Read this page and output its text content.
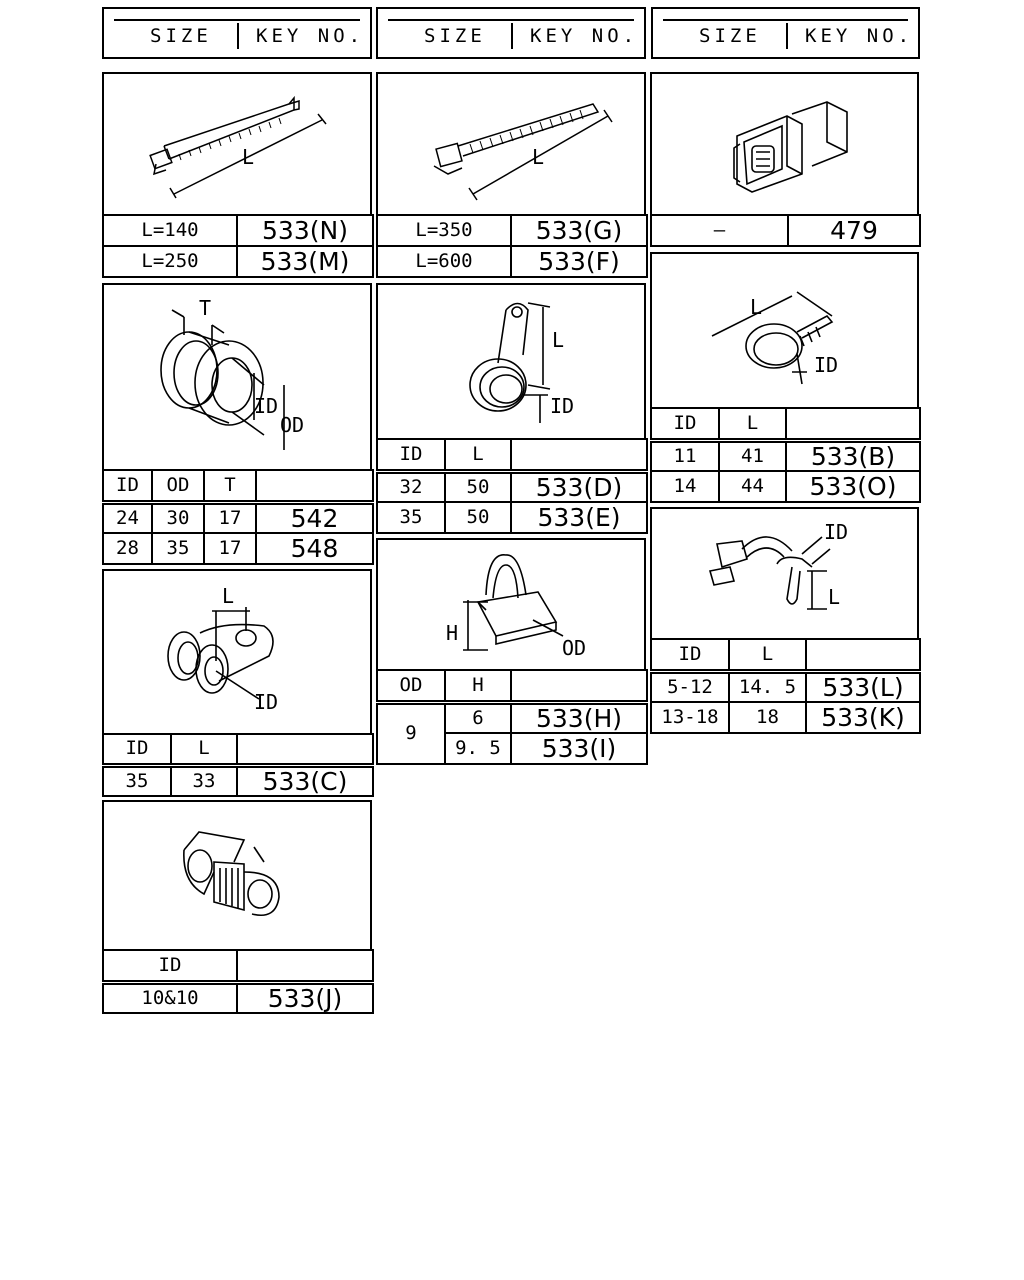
SIZE KEY NO.	SIZE KEY NO.	SIZE KEY NO.
L
L=140	533(N)
L=250	533(M)
L
L=350	533(G)
L=600	533(F)
—	479
T
ID
OD
ID	OD	T	
24	30	17	542
28	35	17	548
L
ID
ID	L	
32	50	533(D)
35	50	533(E)
L
ID
ID	L	
11	41	533(B)
14	44	533(O)
H
OD
OD	H	
9	6	533(H)
	9. 5	533(I)
ID
L
ID	L	
5-12	14. 5	533(L)
13-18	18	533(K)
L
ID
ID	L	
35	33	533(C)
ID	
10&10	533(J)
